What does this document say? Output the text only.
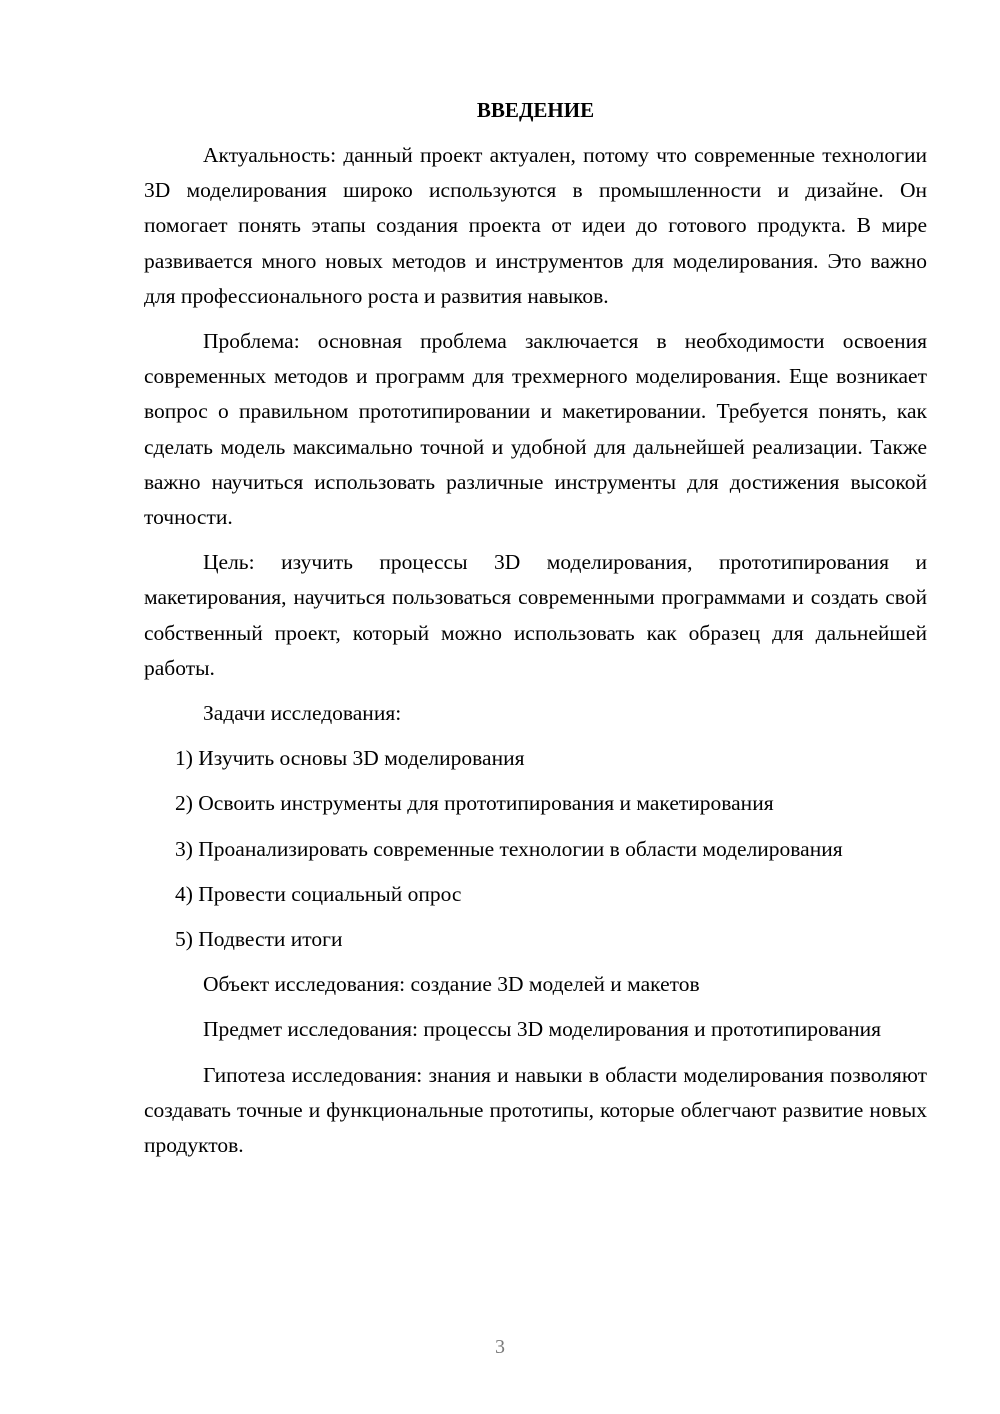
ВВЕДЕНИЕ

Актуальность: данный проект актуален, потому что современные технологии 3D моделирования широко используются в промышленности и дизайне. Он помогает понять этапы создания проекта от идеи до готового продукта. В мире развивается много новых методов и инструментов для моделирования. Это важно для профессионального роста и развития навыков.

Проблема: основная проблема заключается в необходимости освоения современных методов и программ для трехмерного моделирования. Еще возникает вопрос о правильном прототипировании и макетировании. Требуется понять, как сделать модель максимально точной и удобной для дальнейшей реализации. Также важно научиться использовать различные инструменты для достижения высокой точности.

Цель: изучить процессы 3D моделирования, прототипирования и макетирования, научиться пользоваться современными программами и создать свой собственный проект, который можно использовать как образец для дальнейшей работы.

Задачи исследования:

1) Изучить основы 3D моделирования
2) Освоить инструменты для прототипирования и макетирования
3) Проанализировать современные технологии в области моделирования
4) Провести социальный опрос
5) Подвести итоги

Объект исследования: создание 3D моделей и макетов

Предмет исследования: процессы 3D моделирования и прототипирования

Гипотеза исследования: знания и навыки в области моделирования позволяют создавать точные и функциональные прототипы, которые облегчают развитие новых продуктов.

3
